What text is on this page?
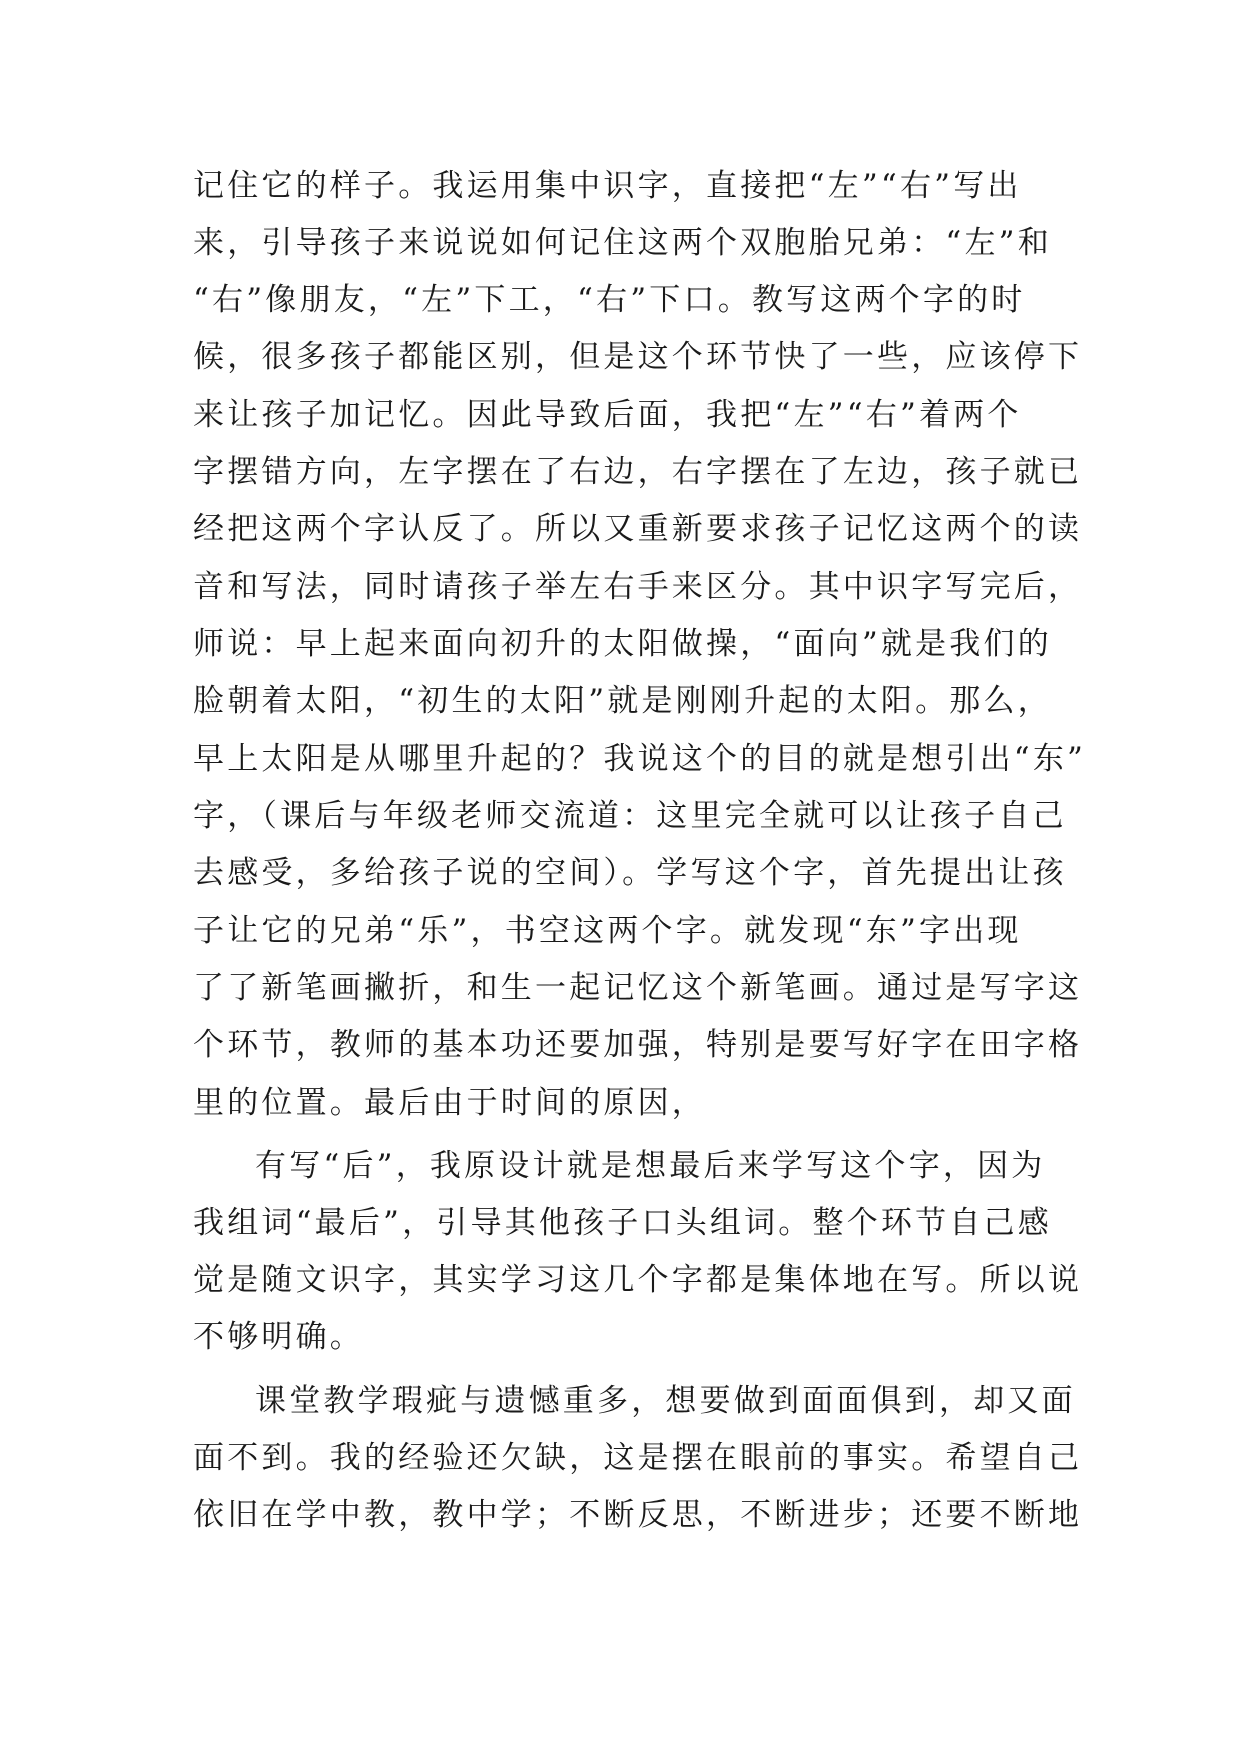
记住它的样子。我运用集中识字，直接把“左”“右”写出
来，引导孩子来说说如何记住这两个双胞胎兄弟：“左”和
“右”像朋友，“左”下工，“右”下口。教写这两个字的时
候，很多孩子都能区别，但是这个环节快了一些，应该停下
来让孩子加记忆。因此导致后面，我把“左”“右”着两个
字摆错方向，左字摆在了右边，右字摆在了左边，孩子就已
经把这两个字认反了。所以又重新要求孩子记忆这两个的读
音和写法，同时请孩子举左右手来区分。其中识字写完后，
师说：早上起来面向初升的太阳做操，“面向”就是我们的
脸朝着太阳，“初生的太阳”就是刚刚升起的太阳。那么，
早上太阳是从哪里升起的？我说这个的目的就是想引出“东”
字，（课后与年级老师交流道：这里完全就可以让孩子自己
去感受，多给孩子说的空间）。学写这个字，首先提出让孩
子让它的兄弟“乐”，书空这两个字。就发现“东”字出现
了了新笔画撇折，和生一起记忆这个新笔画。通过是写字这
个环节，教师的基本功还要加强，特别是要写好字在田字格
里的位置。最后由于时间的原因，
有写“后”，我原设计就是想最后来学写这个字，因为
我组词“最后”，引导其他孩子口头组词。整个环节自己感
觉是随文识字，其实学习这几个字都是集体地在写。所以说
不够明确。
课堂教学瑕疵与遗憾重多，想要做到面面俱到，却又面
面不到。我的经验还欠缺，这是摆在眼前的事实。希望自己
依旧在学中教，教中学；不断反思，不断进步；还要不断地
